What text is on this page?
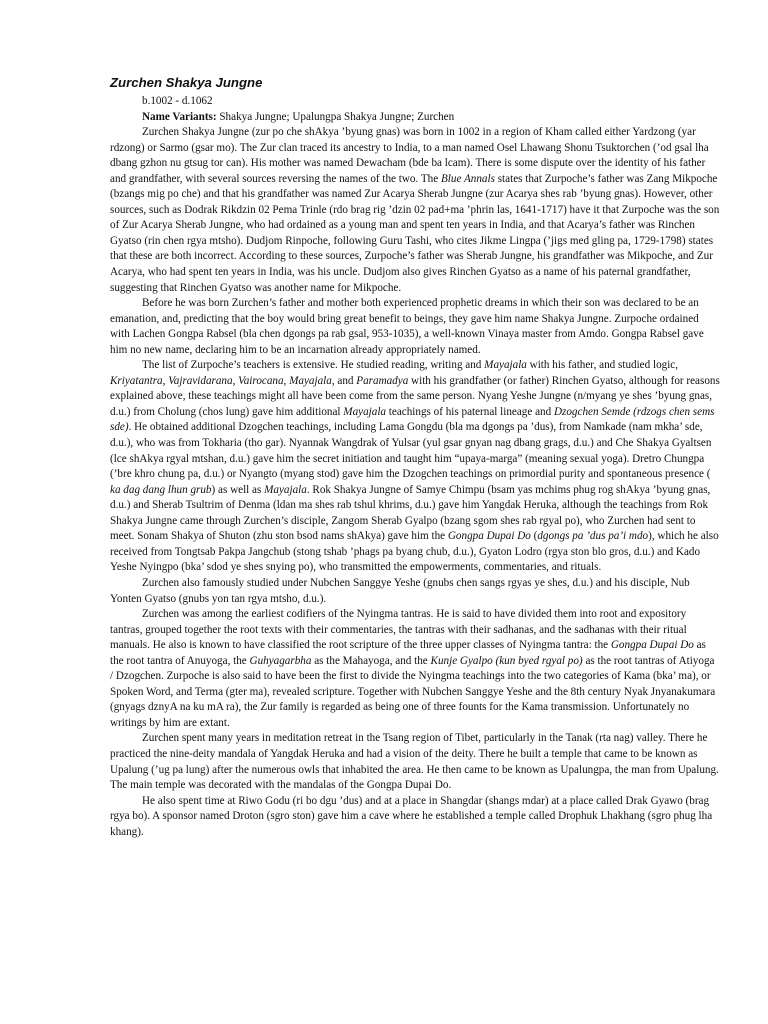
Zurchen Shakya Jungne
b.1002 - d.1062
Name Variants: Shakya Jungne; Upalungpa Shakya Jungne; Zurchen

Zurchen Shakya Jungne (zur po che shAkya ’byung gnas) was born in 1002 in a region of Kham called either Yardzong (yar rdzong) or Sarmo (gsar mo). The Zur clan traced its ancestry to India, to a man named Osel Lhawang Shonu Tsuktorchen (’od gsal lha dbang gzhon nu gtsug tor can). His mother was named Dewacham (bde ba lcam). There is some dispute over the identity of his father and grandfather, with several sources reversing the names of the two. The Blue Annals states that Zurpoche’s father was Zang Mikpoche (bzangs mig po che) and that his grandfather was named Zur Acarya Sherab Jungne (zur Acarya shes rab ’byung gnas). However, other sources, such as Dodrak Rikdzin 02 Pema Trinle (rdo brag rig ’dzin 02 pad+ma ’phrin las, 1641-1717) have it that Zurpoche was the son of Zur Acarya Sherab Jungne, who had ordained as a young man and spent ten years in India, and that Acarya’s father was Rinchen Gyatso (rin chen rgya mtsho). Dudjom Rinpoche, following Guru Tashi, who cites Jikme Lingpa (’jigs med gling pa, 1729-1798) states that these are both incorrect. According to these sources, Zurpoche’s father was Sherab Jungne, his grandfather was Mikpoche, and Zur Acarya, who had spent ten years in India, was his uncle. Dudjom also gives Rinchen Gyatso as a name of his paternal grandfather, suggesting that Rinchen Gyatso was another name for Mikpoche.

Before he was born Zurchen’s father and mother both experienced prophetic dreams in which their son was declared to be an emanation, and, predicting that the boy would bring great benefit to beings, they gave him name Shakya Jungne. Zurpoche ordained with Lachen Gongpa Rabsel (bla chen dgongs pa rab gsal, 953-1035), a well-known Vinaya master from Amdo. Gongpa Rabsel gave him no new name, declaring him to be an incarnation already appropriately named.

The list of Zurpoche’s teachers is extensive. He studied reading, writing and Mayajala with his father, and studied logic, Kriyatantra, Vajravidarana, Vairocana, Mayajala, and Paramadya with his grandfather (or father) Rinchen Gyatso, although for reasons explained above, these teachings might all have been come from the same person. Nyang Yeshe Jungne (n/myang ye shes ’byung gnas, d.u.) from Cholung (chos lung) gave him additional Mayajala teachings of his paternal lineage and Dzogchen Semde (rdzogs chen sems sde). He obtained additional Dzogchen teachings, including Lama Gongdu (bla ma dgongs pa ’dus), from Namkade (nam mkha’ sde, d.u.), who was from Tokharia (tho gar). Nyannak Wangdrak of Yulsar (yul gsar gnyan nag dbang grags, d.u.) and Che Shakya Gyaltsen (lce shAkya rgyal mtshan, d.u.) gave him the secret initiation and taught him “upaya-marga” (meaning sexual yoga). Dretro Chungpa (’bre khro chung pa, d.u.) or Nyangto (myang stod) gave him the Dzogchen teachings on primordial purity and spontaneous presence ( ka dag dang lhun grub) as well as Mayajala. Rok Shakya Jungne of Samye Chimpu (bsam yas mchims phug rog shAkya ’byung gnas, d.u.) and Sherab Tsultrim of Denma (ldan ma shes rab tshul khrims, d.u.) gave him Yangdak Heruka, although the teachings from Rok Shakya Jungne came through Zurchen’s disciple, Zangom Sherab Gyalpo (bzang sgom shes rab rgyal po), who Zurchen had sent to meet. Sonam Shakya of Shuton (zhu ston bsod nams shAkya) gave him the Gongpa Dupai Do (dgongs pa ’dus pa’i mdo), which he also received from Tongtsab Pakpa Jangchub (stong tshab ’phags pa byang chub, d.u.), Gyaton Lodro (rgya ston blo gros, d.u.) and Kado Yeshe Nyingpo (bka’ sdod ye shes snying po), who transmitted the empowerments, commentaries, and rituals.

Zurchen also famously studied under Nubchen Sanggye Yeshe (gnubs chen sangs rgyas ye shes, d.u.) and his disciple, Nub Yonten Gyatso (gnubs yon tan rgya mtsho, d.u.).

Zurchen was among the earliest codifiers of the Nyingma tantras. He is said to have divided them into root and expository tantras, grouped together the root texts with their commentaries, the tantras with their sadhanas, and the sadhanas with their ritual manuals. He also is known to have classified the root scripture of the three upper classes of Nyingma tantra: the Gongpa Dupai Do as the root tantra of Anuyoga, the Guhyagarbha as the Mahayoga, and the Kunje Gyalpo (kun byed rgyal po) as the root tantras of Atiyoga / Dzogchen. Zurpoche is also said to have been the first to divide the Nyingma teachings into the two categories of Kama (bka’ ma), or Spoken Word, and Terma (gter ma), revealed scripture. Together with Nubchen Sanggye Yeshe and the 8th century Nyak Jnyanakumara (gnyags dznyA na ku mA ra), the Zur family is regarded as being one of three founts for the Kama transmission. Unfortunately no writings by him are extant.

Zurchen spent many years in meditation retreat in the Tsang region of Tibet, particularly in the Tanak (rta nag) valley. There he practiced the nine-deity mandala of Yangdak Heruka and had a vision of the deity. There he built a temple that came to be known as Upalung (’ug pa lung) after the numerous owls that inhabited the area. He then came to be known as Upalungpa, the man from Upalung. The main temple was decorated with the mandalas of the Gongpa Dupai Do.

He also spent time at Riwo Godu (ri bo dgu ’dus) and at a place in Shangdar (shangs mdar) at a place called Drak Gyawo (brag rgya bo). A sponsor named Droton (sgro ston) gave him a cave where he established a temple called Drophuk Lhakhang (sgro phug lha khang).
